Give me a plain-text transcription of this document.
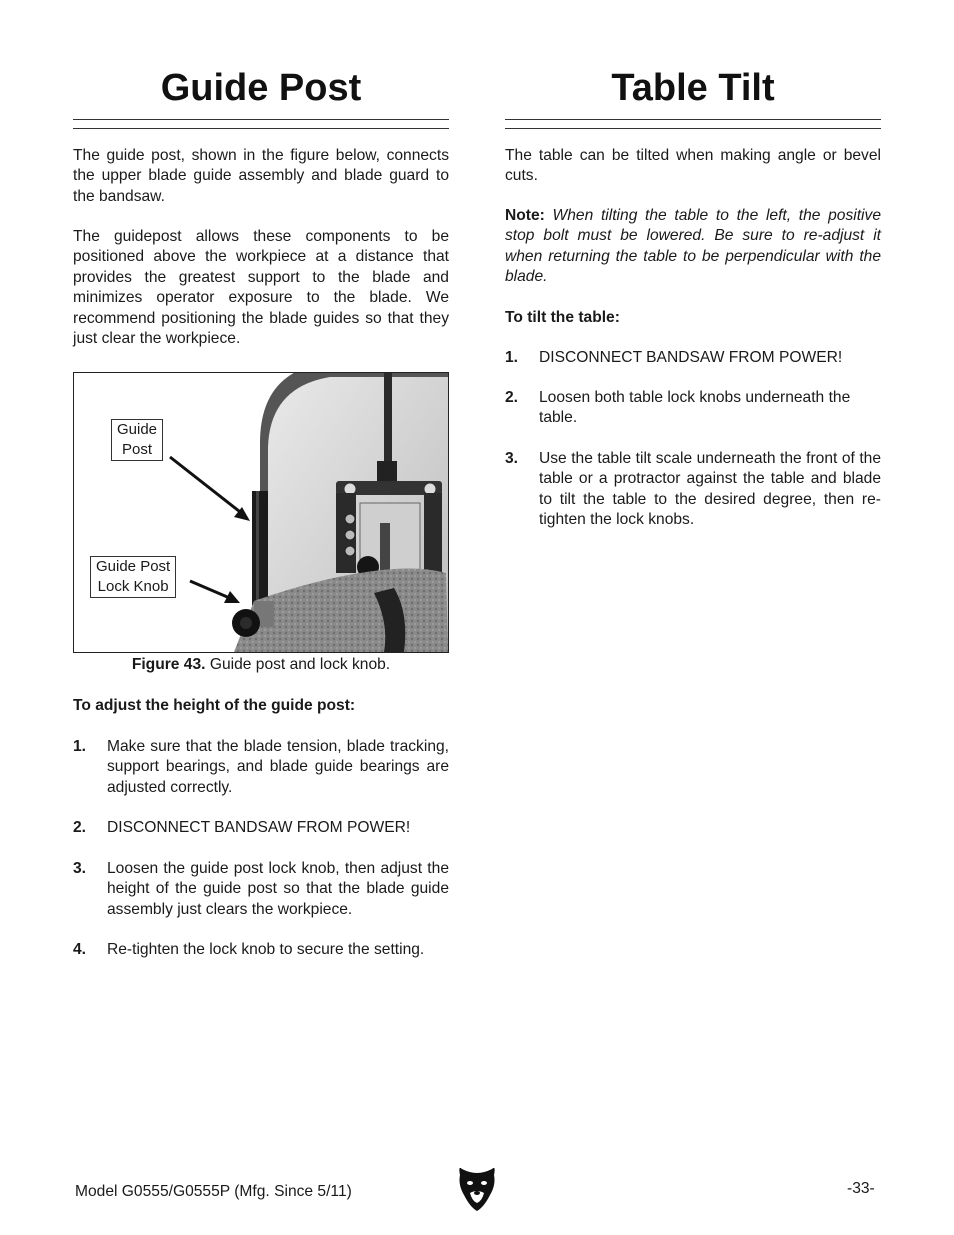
Guide Post

The guide post, shown in the figure below, connects the upper blade guide assembly and blade guard to the bandsaw.

The guidepost allows these components to be positioned above the workpiece at a distance that provides the greatest support to the blade and minimizes operator exposure to the blade. We recommend positioning the blade guides so that they just clear the workpiece.

Guide
Post
Guide Post
Lock Knob
Figure 43. Guide post and lock knob.
To adjust the height of the guide post:
1. Make sure that the blade tension, blade tracking, support bearings, and blade guide bearings are adjusted correctly.
2. DISCONNECT BANDSAW FROM POWER!
3. Loosen the guide post lock knob, then adjust the height of the guide post so that the blade guide assembly just clears the workpiece.
4. Re-tighten the lock knob to secure the setting.
Table Tilt

The table can be tilted when making angle or bevel cuts.

Note: When tilting the table to the left, the positive stop bolt must be lowered. Be sure to re-adjust it when returning the table to be perpendicular with the blade.

To tilt the table:
1. DISCONNECT BANDSAW FROM POWER!
2. Loosen both table lock knobs underneath the table.
3. Use the table tilt scale underneath the front of the table or a protractor against the table and blade to tilt the table to the desired degree, then re-tighten the lock knobs.
Model G0555/G0555P (Mfg. Since 5/11)	-33-
